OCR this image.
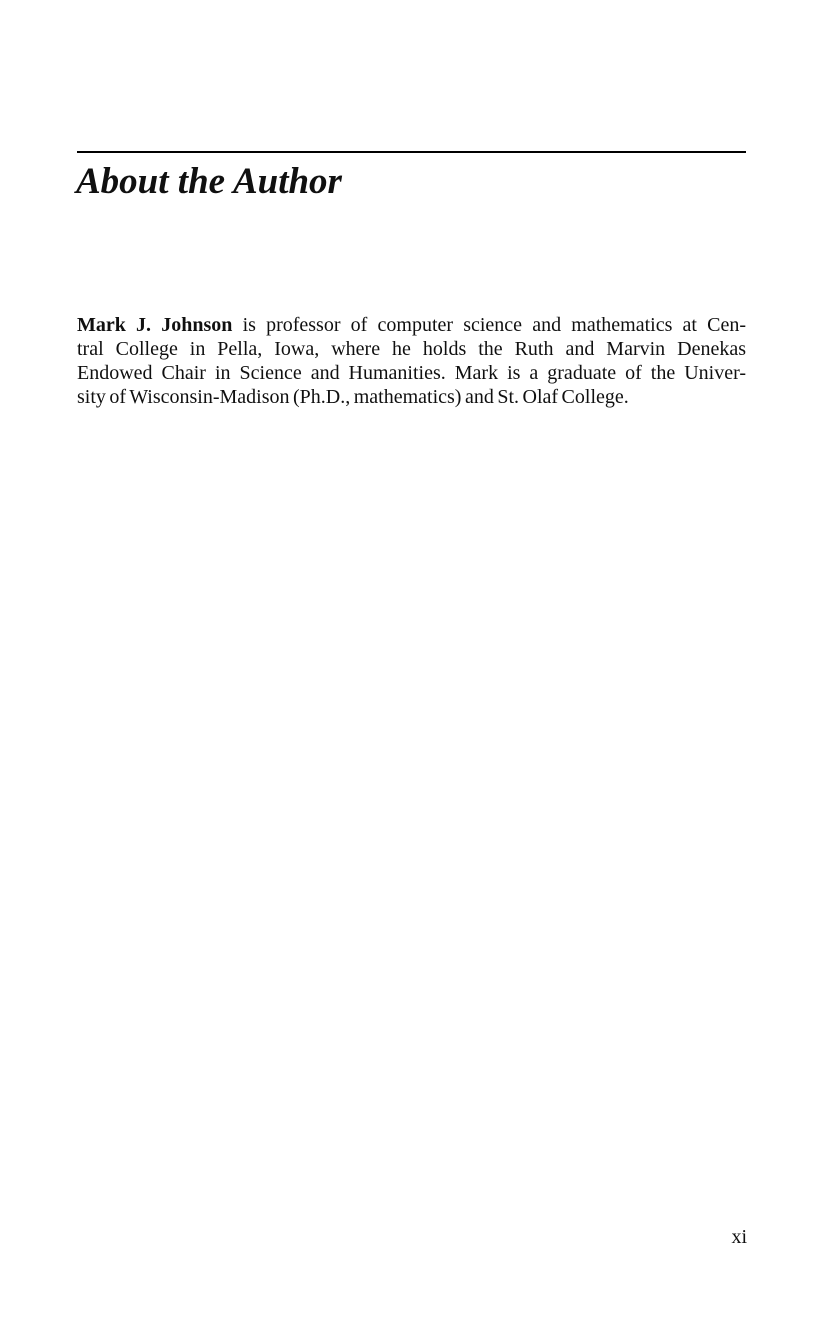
About the Author
Mark J. Johnson is professor of computer science and mathematics at Cen-
tral College in Pella, Iowa, where he holds the Ruth and Marvin Denekas
Endowed Chair in Science and Humanities. Mark is a graduate of the Univer-
sity of Wisconsin-Madison (Ph.D., mathematics) and St. Olaf College.
xi
